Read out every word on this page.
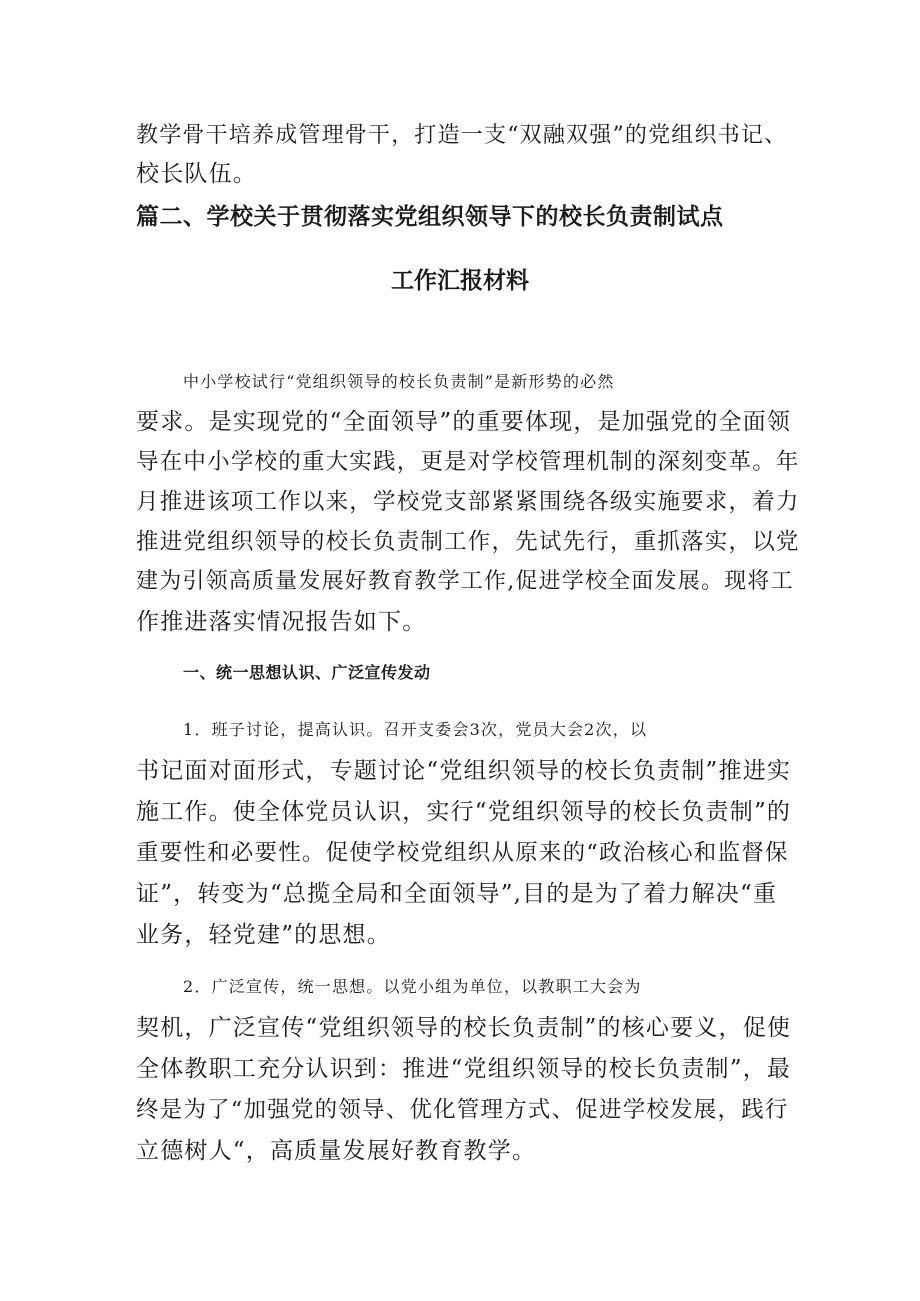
教学骨干培养成管理骨干，打造一支“双融双强”的党组织书记、
校长队伍。
篇二、学校关于贯彻落实党组织领导下的校长负责制试点
工作汇报材料
中小学校试行“党组织领导的校长负责制”是新形势的必然
要求。是实现党的“全面领导”的重要体现，是加强党的全面领
导在中小学校的重大实践，更是对学校管理机制的深刻变革。年
月推进该项工作以来，学校党支部紧紧围绕各级实施要求，着力
推进党组织领导的校长负责制工作，先试先行，重抓落实，以党
建为引领高质量发展好教育教学工作,促进学校全面发展。现将工
作推进落实情况报告如下。
一、统一思想认识、广泛宣传发动
1．班子讨论，提高认识。召开支委会3次，党员大会2次，以
书记面对面形式，专题讨论“党组织领导的校长负责制”推进实
施工作。使全体党员认识，实行“党组织领导的校长负责制”的
重要性和必要性。促使学校党组织从原来的“政治核心和监督保
证”，转变为“总揽全局和全面领导”,目的是为了着力解决“重
业务，轻党建”的思想。
2．广泛宣传，统一思想。以党小组为单位，以教职工大会为
契机，广泛宣传“党组织领导的校长负责制”的核心要义，促使
全体教职工充分认识到：推进“党组织领导的校长负责制”，最
终是为了“加强党的领导、优化管理方式、促进学校发展，践行
立德树人“，高质量发展好教育教学。
